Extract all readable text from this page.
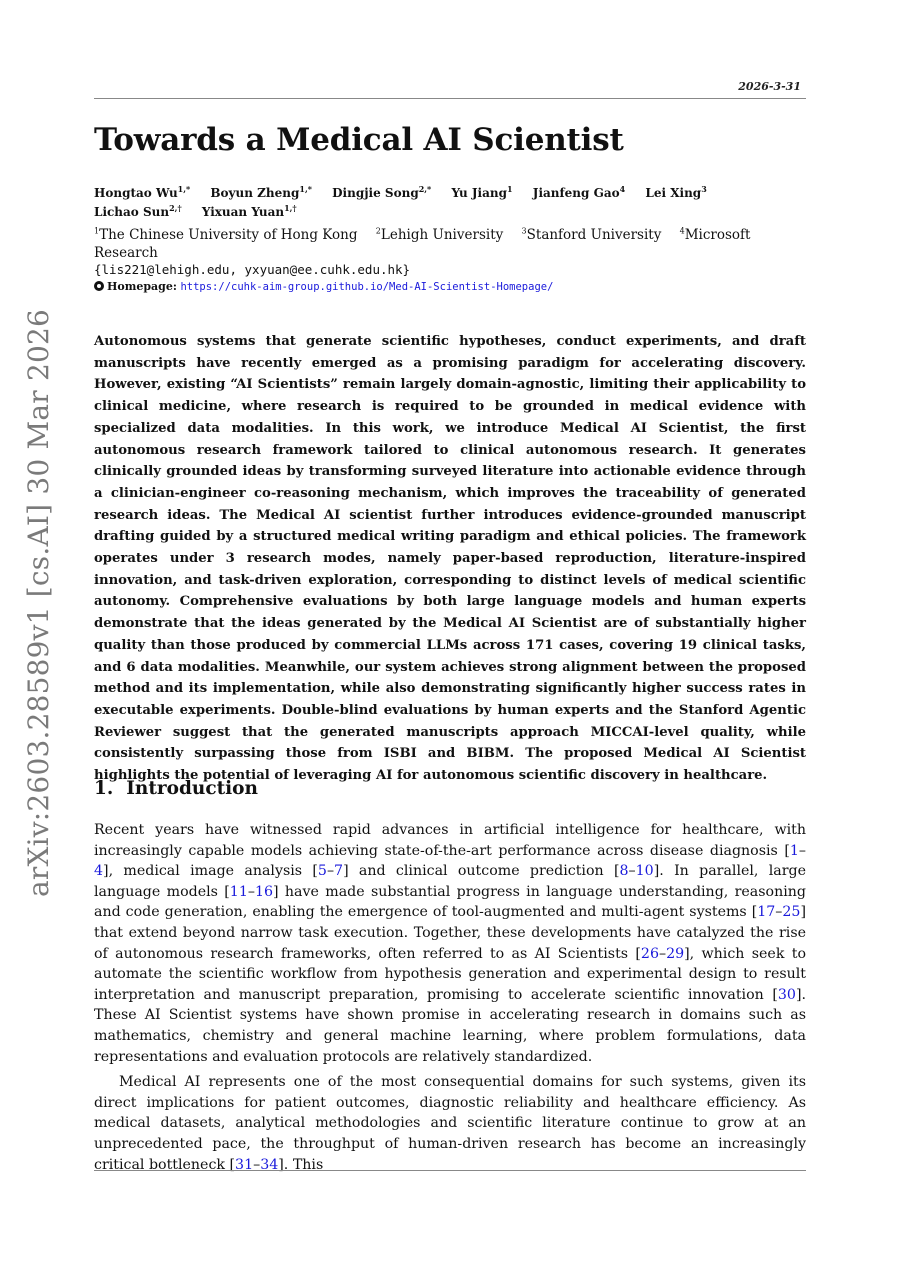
2026-3-31
arXiv:2603.28589v1 [cs.AI] 30 Mar 2026
Towards a Medical AI Scientist
Hongtao $Wu^{1,*}$ Boyun Zheng$^{1,*}$ Dingjie Song$^{2,*}$ Yu Jiang$^1$ Jianfeng Gao$^4$ Lei Xing$^3$ Lichao Sun$^{2,\dagger}$ Yixuan Yuan$^{1,\dagger}$
$^1$The Chinese University of Hong Kong $^2$Lehigh University $^3$Stanford University $^4$Microsoft Research
{lis221@lehigh.edu, yxyuan@ee.cuhk.edu.hk}
Homepage: https://cuhk-aim-group.github.io/Med-AI-Scientist-Homepage/
Autonomous systems that generate scientific hypotheses, conduct experiments, and draft manuscripts have recently emerged as a promising paradigm for accelerating discovery. However, existing “AI Scientists” remain largely domain-agnostic, limiting their applicability to clinical medicine, where research is required to be grounded in medical evidence with specialized data modalities. In this work, we introduce Medical AI Scientist, the first autonomous research framework tailored to clinical autonomous research. It generates clinically grounded ideas by transforming surveyed literature into actionable evidence through a clinician-engineer co-reasoning mechanism, which improves the traceability of generated research ideas. The Medical AI scientist further introduces evidence-grounded manuscript drafting guided by a structured medical writing paradigm and ethical policies. The framework operates under 3 research modes, namely paper-based reproduction, literature-inspired innovation, and task-driven exploration, corresponding to distinct levels of medical scientific autonomy. Comprehensive evaluations by both large language models and human experts demonstrate that the ideas generated by the Medical AI Scientist are of substantially higher quality than those produced by commercial LLMs across 171 cases, covering 19 clinical tasks, and 6 data modalities. Meanwhile, our system achieves strong alignment between the proposed method and its implementation, while also demonstrating significantly higher success rates in executable experiments. Double-blind evaluations by human experts and the Stanford Agentic Reviewer suggest that the generated manuscripts approach MICCAI-level quality, while consistently surpassing those from ISBI and BIBM. The proposed Medical AI Scientist highlights the potential of leveraging AI for autonomous scientific discovery in healthcare.
1. Introduction

Recent years have witnessed rapid advances in artificial intelligence for healthcare, with increasingly capable models achieving state-of-the-art performance across disease diagnosis [1–4], medical image analysis [5–7] and clinical outcome prediction [8–10]. In parallel, large language models [11–16] have made substantial progress in language understanding, reasoning and code generation, enabling the emergence of tool-augmented and multi-agent systems [17–25] that extend beyond narrow task execution. Together, these developments have catalyzed the rise of autonomous research frameworks, often referred to as AI Scientists [26–29], which seek to automate the scientific workflow from hypothesis generation and experimental design to result interpretation and manuscript preparation, promising to accelerate scientific innovation [30]. These AI Scientist systems have shown promise in accelerating research in domains such as mathematics, chemistry and general machine learning, where problem formulations, data representations and evaluation protocols are relatively standardized.

Medical AI represents one of the most consequential domains for such systems, given its direct implications for patient outcomes, diagnostic reliability and healthcare efficiency. As medical datasets, analytical methodologies and scientific literature continue to grow at an unprecedented pace, the throughput of human-driven research has become an increasingly critical bottleneck [31–34]. This
